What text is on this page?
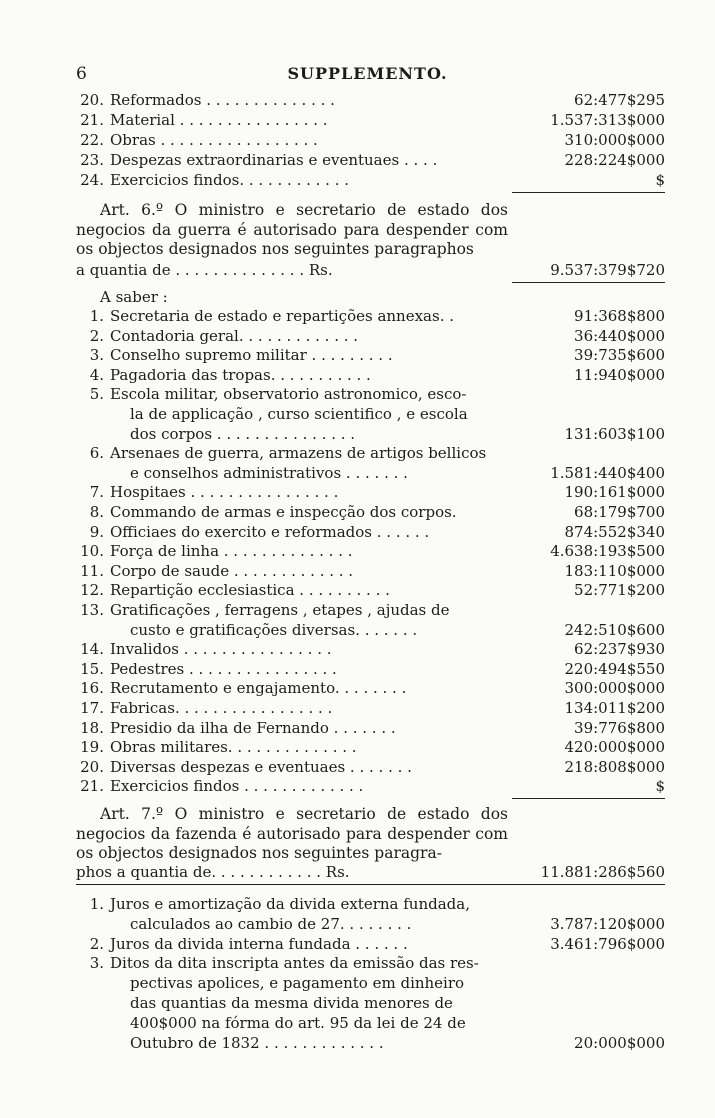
6	SUPPLEMENTO.
20. Reformados . . . . . . . . . . . . . .	62:477$295
21. Material . . . . . . . . . . . . . . . .	1.537:313$000
22. Obras . . . . . . . . . . . . . . . . .	310:000$000
23. Despezas extraordinarias e eventuaes . . . .	228:224$000
24. Exercicios findos. . . . . . . . . . . .	$
Art. 6.º O ministro e secretario de estado dos negocios da guerra é autorisado para despender com os objectos designados nos seguintes paragraphos
a quantia de . . . . . . . . . . . . . . Rs.	9.537:379$720
A saber :
1. Secretaria de estado e repartições annexas. .	91:368$800
2. Contadoria geral. . . . . . . . . . . . .	36:440$000
3. Conselho supremo militar . . . . . . . . .	39:735$600
4. Pagadoria das tropas. . . . . . . . . . .	11:940$000
5. Escola militar, observatorio astronomico, esco-
la de applicação , curso scientifico , e escola
dos corpos . . . . . . . . . . . . . . .	131:603$100
6. Arsenaes de guerra, armazens de artigos bellicos
e conselhos administrativos . . . . . . .	1.581:440$400
7. Hospitaes . . . . . . . . . . . . . . . .	190:161$000
8. Commando de armas e inspecção dos corpos.	68:179$700
9. Officiaes do exercito e reformados . . . . . .	874:552$340
10. Força de linha . . . . . . . . . . . . . .	4.638:193$500
11. Corpo de saude . . . . . . . . . . . . .	183:110$000
12. Repartição ecclesiastica . . . . . . . . . .	52:771$200
13. Gratificações , ferragens , etapes , ajudas de
custo e gratificações diversas. . . . . . .	242:510$600
14. Invalidos . . . . . . . . . . . . . . . .	62:237$930
15. Pedestres . . . . . . . . . . . . . . . .	220:494$550
16. Recrutamento e engajamento. . . . . . . .	300:000$000
17. Fabricas. . . . . . . . . . . . . . . . .	134:011$200
18. Presidio da ilha de Fernando . . . . . . .	39:776$800
19. Obras militares. . . . . . . . . . . . . .	420:000$000
20. Diversas despezas e eventuaes . . . . . . .	218:808$000
21. Exercicios findos . . . . . . . . . . . . .	$
Art. 7.º O ministro e secretario de estado dos negocios da fazenda é autorisado para despender com os objectos designados nos seguintes paragra-
phos a quantia de. . . . . . . . . . . . Rs.	11.881:286$560
1. Juros e amortização da divida externa fundada,
calculados ao cambio de 27. . . . . . . .	3.787:120$000
2. Juros da divida interna fundada . . . . . .	3.461:796$000
3. Ditos da dita inscripta antes da emissão das res-
pectivas apolices, e pagamento em dinheiro
das quantias da mesma divida menores de
400$000 na fórma do art. 95 da lei de 24 de
Outubro de 1832 . . . . . . . . . . . . .	20:000$000
